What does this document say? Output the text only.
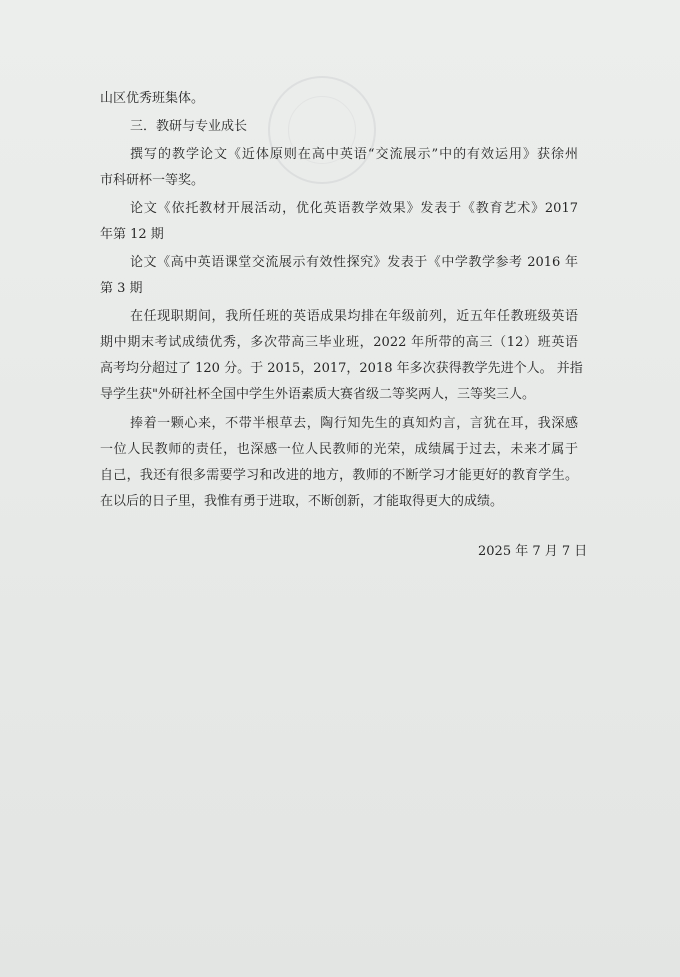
山区优秀班集体。
三．教研与专业成长
撰写的教学论文《近体原则在高中英语“交流展示”中的有效运用》获徐州
市科研杯一等奖。
论文《依托教材开展活动，优化英语教学效果》发表于《教育艺术》2017
年第 12 期
论文《高中英语课堂交流展示有效性探究》发表于《中学教学参考 2016 年
第 3 期
在任现职期间，我所任班的英语成果均排在年级前列，近五年任教班级英语
期中期末考试成绩优秀，多次带高三毕业班，2022 年所带的高三（12）班英语
高考均分超过了 120 分。于 2015，2017，2018 年多次获得教学先进个人。 并指
导学生获"外研社杯全国中学生外语素质大赛省级二等奖两人，三等奖三人。
捧着一颗心来，不带半根草去，陶行知先生的真知灼言，言犹在耳，我深感
一位人民教师的责任，也深感一位人民教师的光荣，成绩属于过去，未来才属于
自己，我还有很多需要学习和改进的地方，教师的不断学习才能更好的教育学生。
在以后的日子里，我惟有勇于进取，不断创新，才能取得更大的成绩。
2025 年 7 月 7 日
